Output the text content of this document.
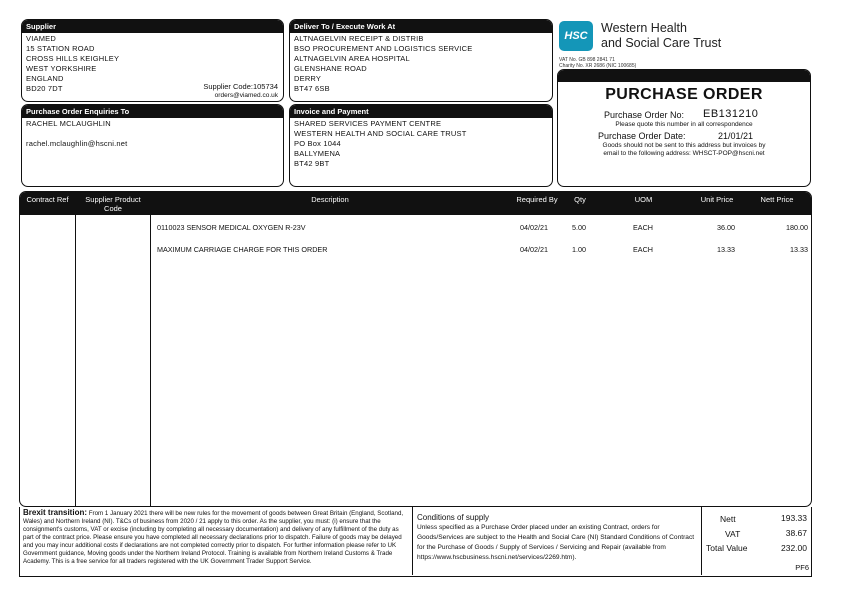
Supplier
VIAMED
15 STATION ROAD
CROSS HILLS KEIGHLEY
WEST YORKSHIRE
ENGLAND
BD20 7DT	Supplier Code:105734
orders@viamed.co.uk
Deliver To / Execute Work At
ALTNAGELVIN RECEIPT & DISTRIB
BSO PROCUREMENT AND LOGISTICS SERVICE
ALTNAGELVIN AREA HOSPITAL
GLENSHANE ROAD
DERRY
BT47 6SB
Purchase Order Enquiries To
RACHEL MCLAUGHLIN
rachel.mclaughlin@hscni.net
Invoice and Payment
SHARED SERVICES PAYMENT CENTRE
WESTERN HEALTH AND SOCIAL CARE TRUST
PO Box 1044
BALLYMENA
BT42 9BT
HSC
Western Health
and Social Care Trust
VAT No. GB 898 2841 71
Charity No. XR 2686 (NIC 100685)
PURCHASE ORDER
Purchase Order No: EB131210
Please quote this number in all correspondence
Purchase Order Date:	21/01/21
Goods should not be sent to this address but invoices by
email to the following address: WHSCT-POP@hscni.net
Contract Ref	Supplier Product Code
Description	Required By	Qty	UOM	Unit Price	Nett Price
0110023 SENSOR MEDICAL OXYGEN R-23V	04/02/21	5.00	EACH	36.00	180.00
MAXIMUM CARRIAGE CHARGE FOR THIS ORDER	04/02/21	1.00	EACH	13.33	13.33
Brexit transition: From 1 January 2021 there will be new rules for the movement of goods between Great Britain (England, Scotland, Wales) and Northern Ireland (NI). T&Cs of business from 2020 / 21 apply to this order. As the supplier, you must: (i) ensure that the consignment's customs, VAT or excise (including by completing all necessary documentation) and delivery of any fulfillment of the duty as part of the contract price. Please ensure you have completed all necessary declarations prior to dispatch. Failure of goods may be delayed and you may incur additional costs if declarations are not completed correctly prior to dispatch. For further information please refer to UK Government guidance, Moving goods under the Northern Ireland Protocol. Training is available from Northern Ireland Customs & Trade Academy. This is a free service for all traders registered with the UK Government Trader Support Service.
Conditions of supply
Unless specified as a Purchase Order placed under an existing Contract, orders for Goods/Services are subject to the Health and Social Care (NI) Standard Conditions of Contract for the Purchase of Goods / Supply of Services / Servicing and Repair (available from https://www.hscbusiness.hscni.net/services/2269.htm).
Nett	193.33
VAT	38.67
Total Value	232.00
PF6
